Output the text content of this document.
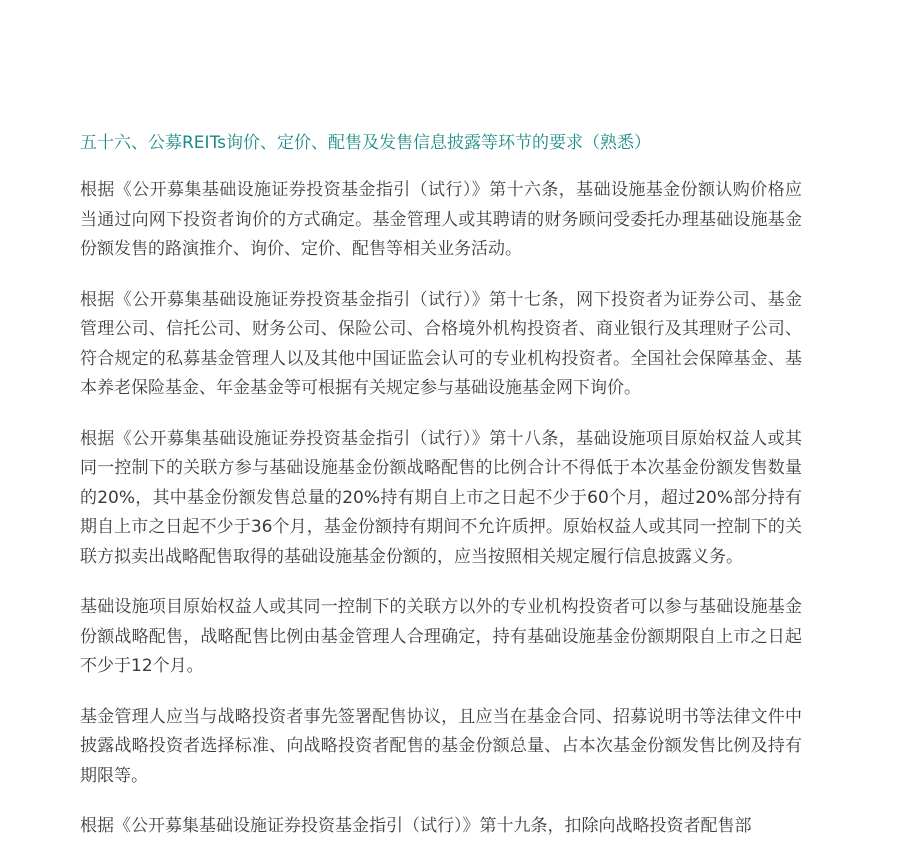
五十六、公募REITs询价、定价、配售及发售信息披露等环节的要求（熟悉）

根据《公开募集基础设施证券投资基金指引（试行）》第十六条，基础设施基金份额认购价格应当通过向网下投资者询价的方式确定。基金管理人或其聘请的财务顾问受委托办理基础设施基金份额发售的路演推介、询价、定价、配售等相关业务活动。

根据《公开募集基础设施证券投资基金指引（试行）》第十七条，网下投资者为证券公司、基金管理公司、信托公司、财务公司、保险公司、合格境外机构投资者、商业银行及其理财子公司、符合规定的私募基金管理人以及其他中国证监会认可的专业机构投资者。全国社会保障基金、基本养老保险基金、年金基金等可根据有关规定参与基础设施基金网下询价。

根据《公开募集基础设施证券投资基金指引（试行）》第十八条，基础设施项目原始权益人或其同一控制下的关联方参与基础设施基金份额战略配售的比例合计不得低于本次基金份额发售数量的20%，其中基金份额发售总量的20%持有期自上市之日起不少于60个月，超过20%部分持有期自上市之日起不少于36个月，基金份额持有期间不允许质押。原始权益人或其同一控制下的关联方拟卖出战略配售取得的基础设施基金份额的，应当按照相关规定履行信息披露义务。

基础设施项目原始权益人或其同一控制下的关联方以外的专业机构投资者可以参与基础设施基金份额战略配售，战略配售比例由基金管理人合理确定，持有基础设施基金份额期限自上市之日起不少于12个月。

基金管理人应当与战略投资者事先签署配售协议，且应当在基金合同、招募说明书等法律文件中披露战略投资者选择标准、向战略投资者配售的基金份额总量、占本次基金份额发售比例及持有期限等。

根据《公开募集基础设施证券投资基金指引（试行）》第十九条，扣除向战略投资者配售部
